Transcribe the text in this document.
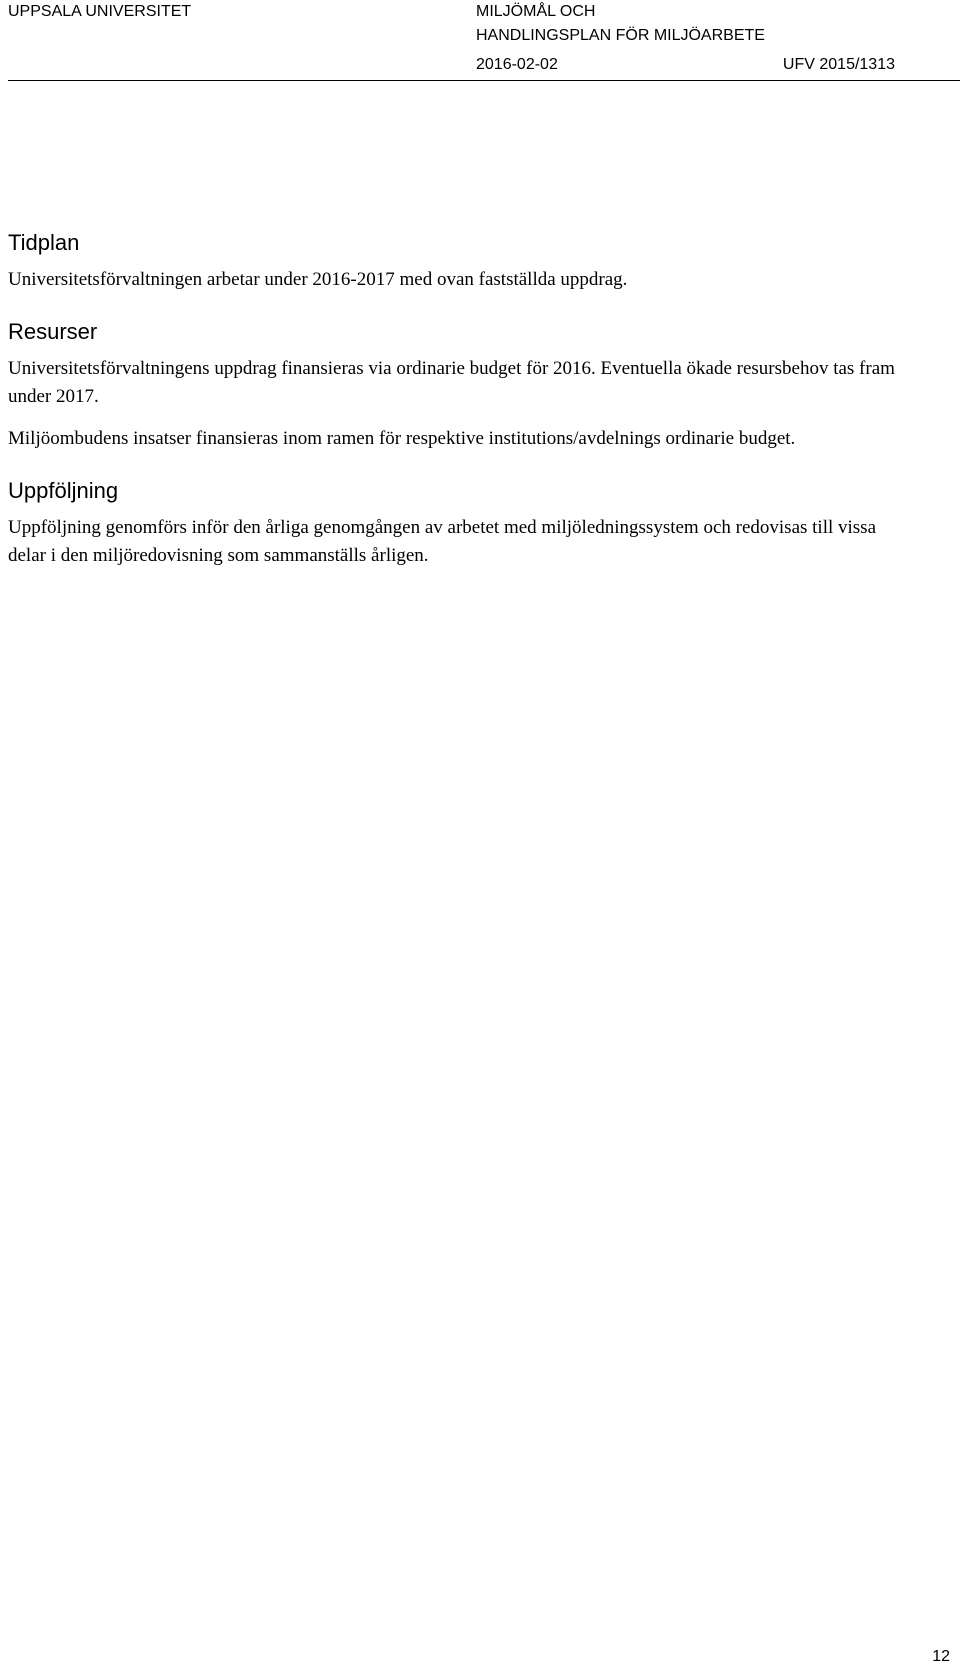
UPPSALA UNIVERSITET	MILJÖMÅL OCH
HANDLINGSPLAN FÖR MILJÖARBETE
2016-02-02	UFV 2015/1313
Tidplan

Universitetsförvaltningen arbetar under 2016-2017 med ovan fastställda uppdrag.

Resurser

Universitetsförvaltningens uppdrag finansieras via ordinarie budget för 2016. Eventuella ökade resursbehov tas fram under 2017.

Miljöombudens insatser finansieras inom ramen för respektive institutions/avdelnings ordinarie budget.

Uppföljning

Uppföljning genomförs inför den årliga genomgången av arbetet med miljöledningssystem och redovisas till vissa delar i den miljöredovisning som sammanställs årligen.

12
